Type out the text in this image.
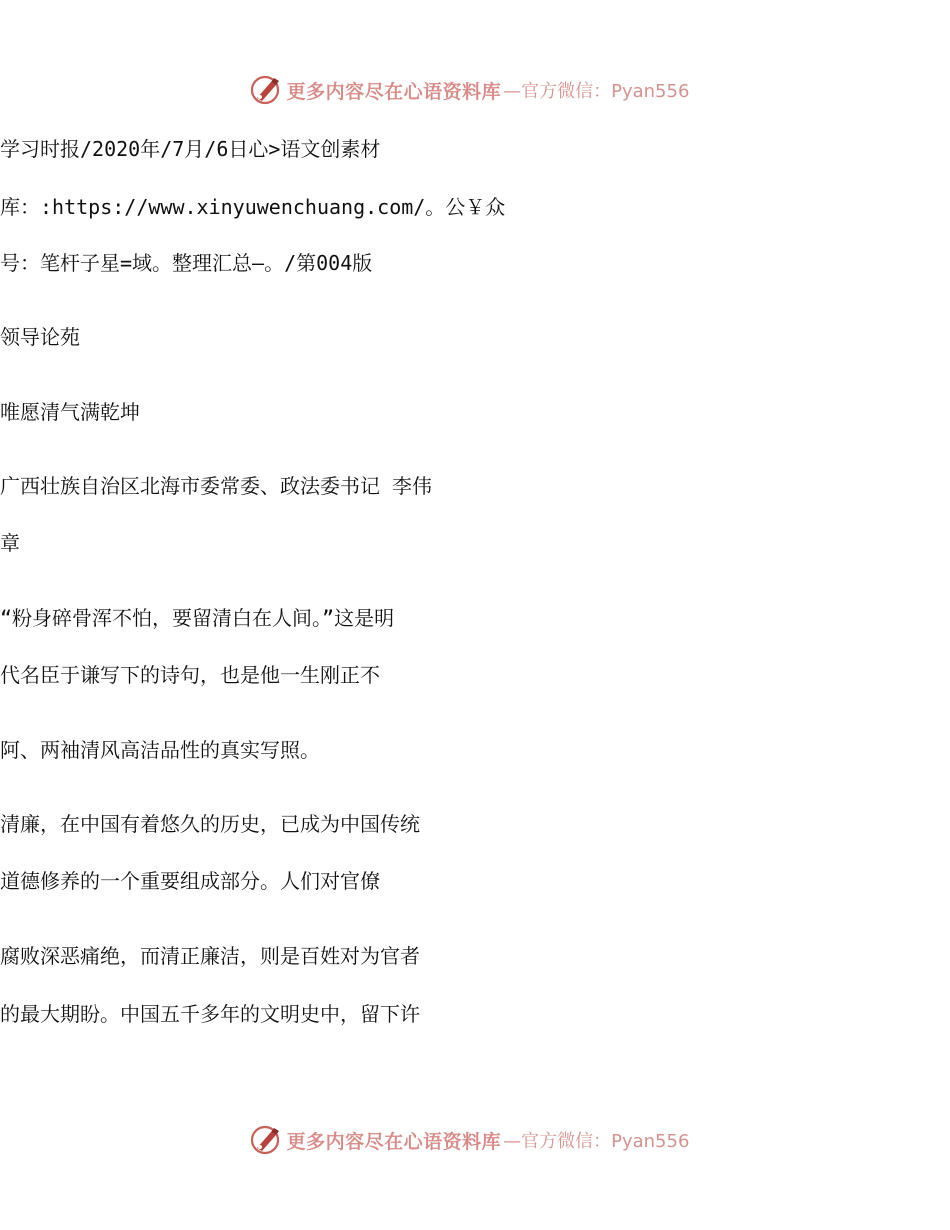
更多内容尽在心语资料库 —官方微信：Pyan556
学习时报/2020年/7月/6日心>语文创素材
库：:https://www.xinyuwenchuang.com/。公￥众
号：笔杆子星=域。整理汇总—。/第004版
领导论苑
唯愿清气满乾坤
广西壮族自治区北海市委常委、政法委书记 李伟
章
“粉身碎骨浑不怕，要留清白在人间。”这是明
代名臣于谦写下的诗句，也是他一生刚正不
阿、两袖清风高洁品性的真实写照。
清廉，在中国有着悠久的历史，已成为中国传统
道德修养的一个重要组成部分。人们对官僚
腐败深恶痛绝，而清正廉洁，则是百姓对为官者
的最大期盼。中国五千多年的文明史中，留下许
更多内容尽在心语资料库 —官方微信：Pyan556
